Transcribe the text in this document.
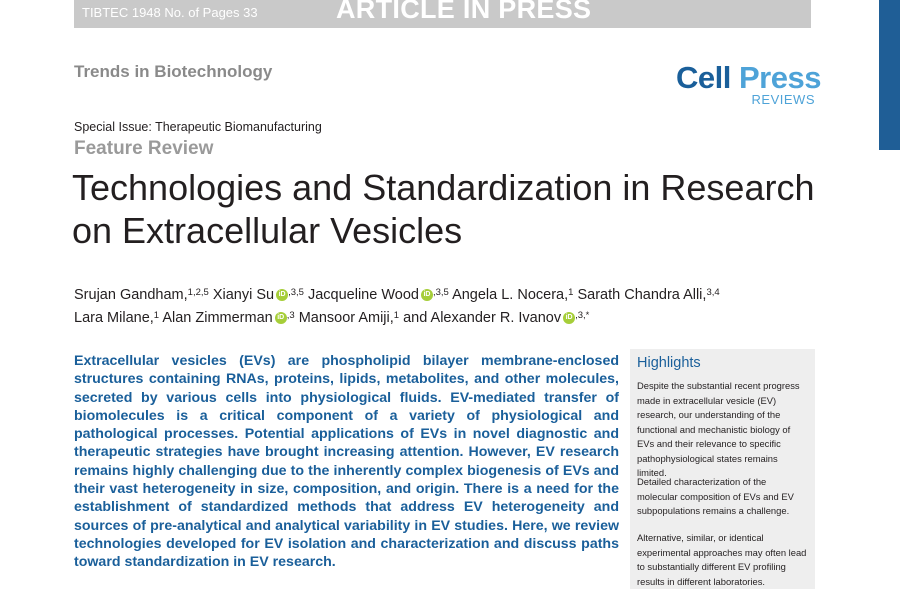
TIBTEC 1948 No. of Pages 33	ARTICLE IN PRESS
Trends in Biotechnology	Cell Press
REVIEWS
Special Issue: Therapeutic Biomanufacturing
Feature Review
Technologies and Standardization in Research
on Extracellular Vesicles
Srujan Gandham,$^{1,2,5}$ Xianyi Su iD $^{,3,5}$ Jacqueline Wood iD $^{,3,5}$ Angela L. Nocera,$^1$ Sarath Chandra Alli,$^{3,4}$
Lara Milane,$^1$ Alan Zimmerman iD $^{,3}$ Mansoor Amiji,$^1$ and Alexander R. Ivanov iD $^{,3,*}$
Extracellular vesicles (EVs) are phospholipid bilayer membrane-enclosed structures containing RNAs, proteins, lipids, metabolites, and other molecules, secreted by various cells into physiological fluids. EV-mediated transfer of biomolecules is a critical component of a variety of physiological and pathological processes. Potential applications of EVs in novel diagnostic and therapeutic strategies have brought increasing attention. However, EV research remains highly challenging due to the inherently complex biogenesis of EVs and their vast heterogeneity in size, composition, and origin. There is a need for the establishment of standardized methods that address EV heterogeneity and sources of pre-analytical and analytical variability in EV studies. Here, we review technologies developed for EV isolation and characterization and discuss paths toward standardization in EV research.
Highlights
Despite the substantial recent progress made in extracellular vesicle (EV) research, our understanding of the functional and mechanistic biology of EVs and their relevance to specific pathophysiological states remains limited.
Detailed characterization of the molecular composition of EVs and EV subpopulations remains a challenge.
Alternative, similar, or identical experimental approaches may often lead to substantially different EV profiling results in different laboratories.
